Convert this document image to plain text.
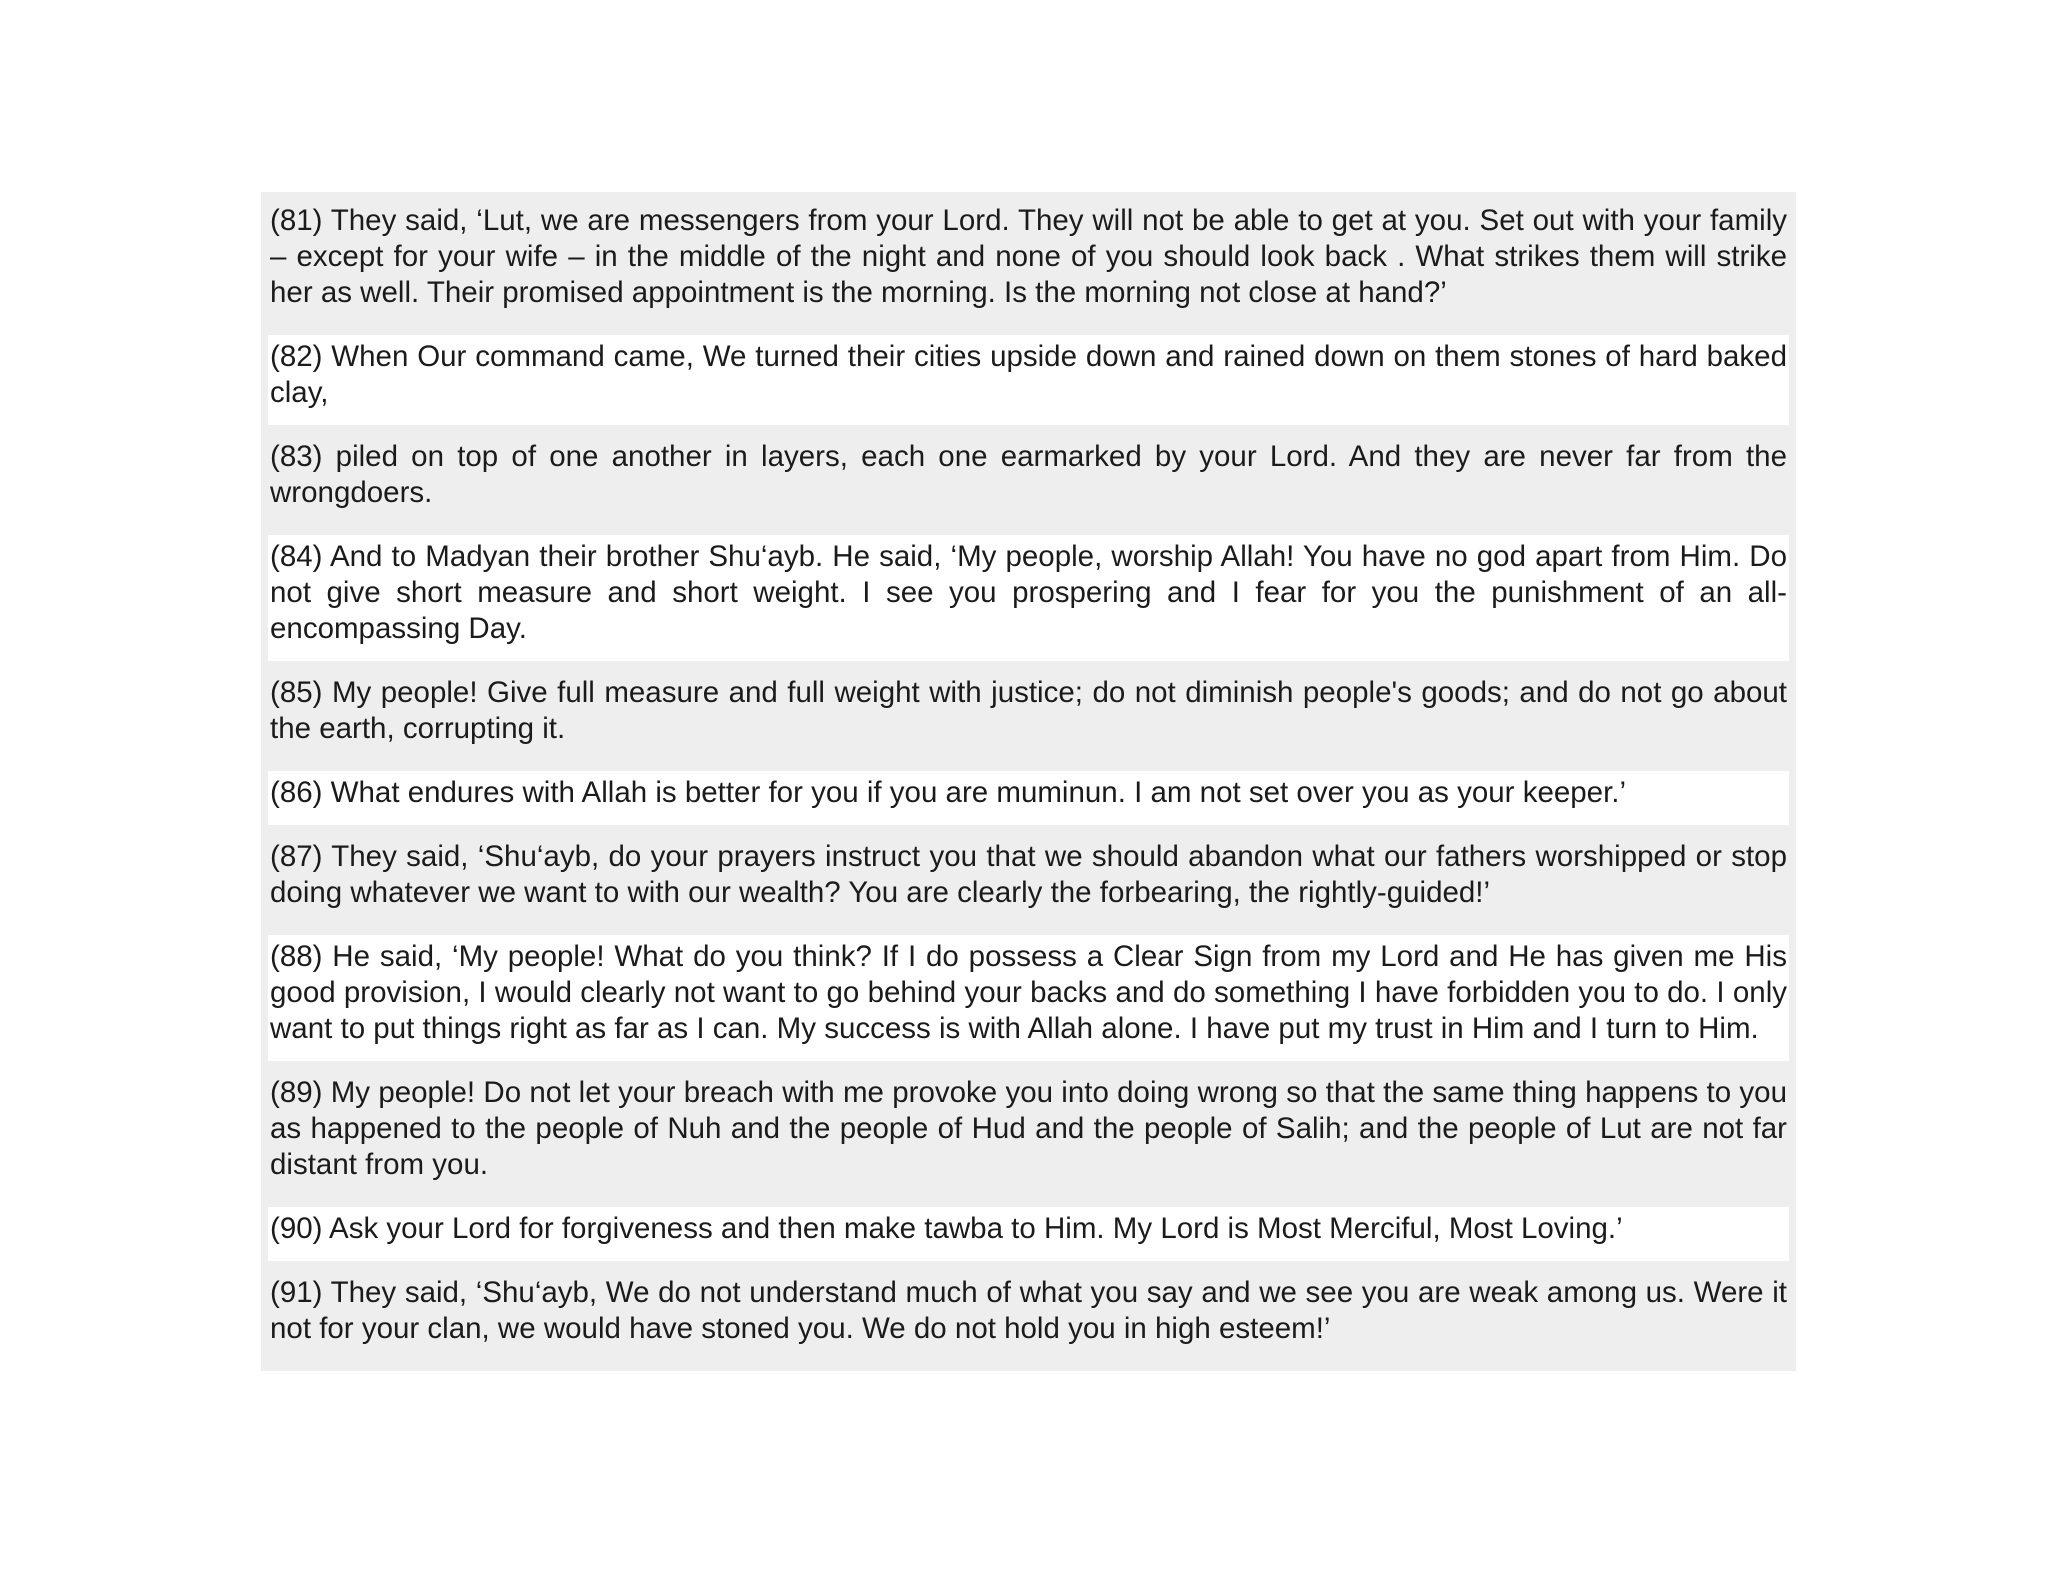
(81) They said, ‘Lut, we are messengers from your Lord. They will not be able to get at you. Set out with your family – except for your wife – in the middle of the night and none of you should look back . What strikes them will strike her as well. Their promised appointment is the morning. Is the morning not close at hand?’
(82) When Our command came, We turned their cities upside down and rained down on them stones of hard baked clay,
(83) piled on top of one another in layers, each one earmarked by your Lord. And they are never far from the wrongdoers.
(84) And to Madyan their brother Shu‘ayb. He said, ‘My people, worship Allah! You have no god apart from Him. Do not give short measure and short weight. I see you prospering and I fear for you the punishment of an all-encompassing Day.
(85) My people! Give full measure and full weight with justice; do not diminish people's goods; and do not go about the earth, corrupting it.
(86) What endures with Allah is better for you if you are muminun. I am not set over you as your keeper.’
(87) They said, ‘Shu‘ayb, do your prayers instruct you that we should abandon what our fathers worshipped or stop doing whatever we want to with our wealth? You are clearly the forbearing, the rightly-guided!’
(88) He said, ‘My people! What do you think? If I do possess a Clear Sign from my Lord and He has given me His good provision, I would clearly not want to go behind your backs and do something I have forbidden you to do. I only want to put things right as far as I can. My success is with Allah alone. I have put my trust in Him and I turn to Him.
(89) My people! Do not let your breach with me provoke you into doing wrong so that the same thing happens to you as happened to the people of Nuh and the people of Hud and the people of Salih; and the people of Lut are not far distant from you.
(90) Ask your Lord for forgiveness and then make tawba to Him. My Lord is Most Merciful, Most Loving.’
(91) They said, ‘Shu‘ayb, We do not understand much of what you say and we see you are weak among us. Were it not for your clan, we would have stoned you. We do not hold you in high esteem!’
